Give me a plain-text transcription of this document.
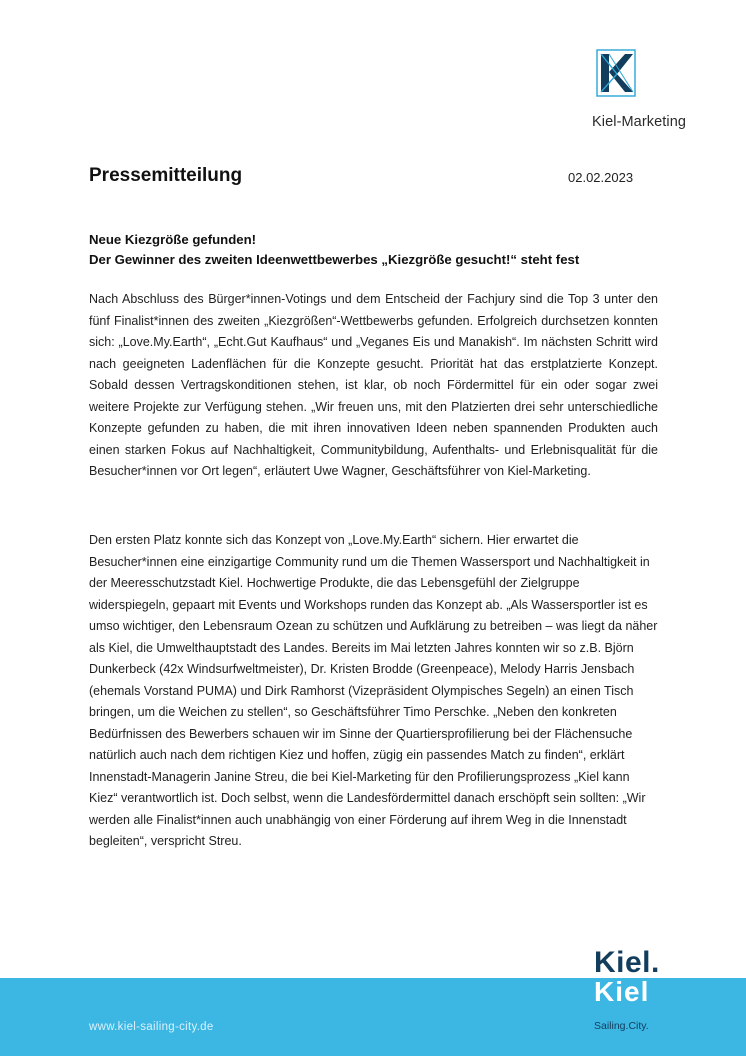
Kiel-Marketing
Pressemitteilung	02.02.2023
Neue Kiezgröße gefunden!
Der Gewinner des zweiten Ideenwettbewerbes „Kiezgröße gesucht!“ steht fest

Nach Abschluss des Bürger*innen-Votings und dem Entscheid der Fachjury sind die Top 3 unter den fünf Finalist*innen des zweiten „Kiezgrößen“-Wettbewerbs gefunden. Erfolgreich durchsetzen konnten sich: „Love.My.Earth“, „Echt.Gut Kaufhaus“ und „Veganes Eis und Manakish“. Im nächsten Schritt wird nach geeigneten Ladenflächen für die Konzepte gesucht. Priorität hat das erstplatzierte Konzept. Sobald dessen Vertragskonditionen stehen, ist klar, ob noch Fördermittel für ein oder sogar zwei weitere Projekte zur Verfügung stehen. „Wir freuen uns, mit den Platzierten drei sehr unterschiedliche Konzepte gefunden zu haben, die mit ihren innovativen Ideen neben spannenden Produkten auch einen starken Fokus auf Nachhaltigkeit, Communitybildung, Aufenthalts- und Erlebnisqualität für die Besucher*innen vor Ort legen“, erläutert Uwe Wagner, Geschäftsführer von Kiel-Marketing.

Den ersten Platz konnte sich das Konzept von „Love.My.Earth“ sichern. Hier erwartet die Besucher*innen eine einzigartige Community rund um die Themen Wassersport und Nachhaltigkeit in der Meeresschutzstadt Kiel. Hochwertige Produkte, die das Lebensgefühl der Zielgruppe widerspiegeln, gepaart mit Events und Workshops runden das Konzept ab. „Als Wassersportler ist es umso wichtiger, den Lebensraum Ozean zu schützen und Aufklärung zu betreiben – was liegt da näher als Kiel, die Umwelthauptstadt des Landes. Bereits im Mai letzten Jahres konnten wir so z.B. Björn Dunkerbeck (42x Windsurfweltmeister), Dr. Kristen Brodde (Greenpeace), Melody Harris Jensbach (ehemals Vorstand PUMA) und Dirk Ramhorst (Vizepräsident Olympisches Segeln) an einen Tisch bringen, um die Weichen zu stellen“, so Geschäftsführer Timo Perschke. „Neben den konkreten Bedürfnissen des Bewerbers schauen wir im Sinne der Quartiersprofilierung bei der Flächensuche natürlich auch nach dem richtigen Kiez und hoffen, zügig ein passendes Match zu finden“, erklärt Innenstadt-Managerin Janine Streu, die bei Kiel-Marketing für den Profilierungsprozess „Kiel kann Kiez“ verantwortlich ist. Doch selbst, wenn die Landesfördermittel danach erschöpft sein sollten: „Wir werden alle Finalist*innen auch unabhängig von einer Förderung auf ihrem Weg in die Innenstadt begleiten“, verspricht Streu.

www.kiel-sailing-city.de
Kiel.
Kiel
Sailing.City.
